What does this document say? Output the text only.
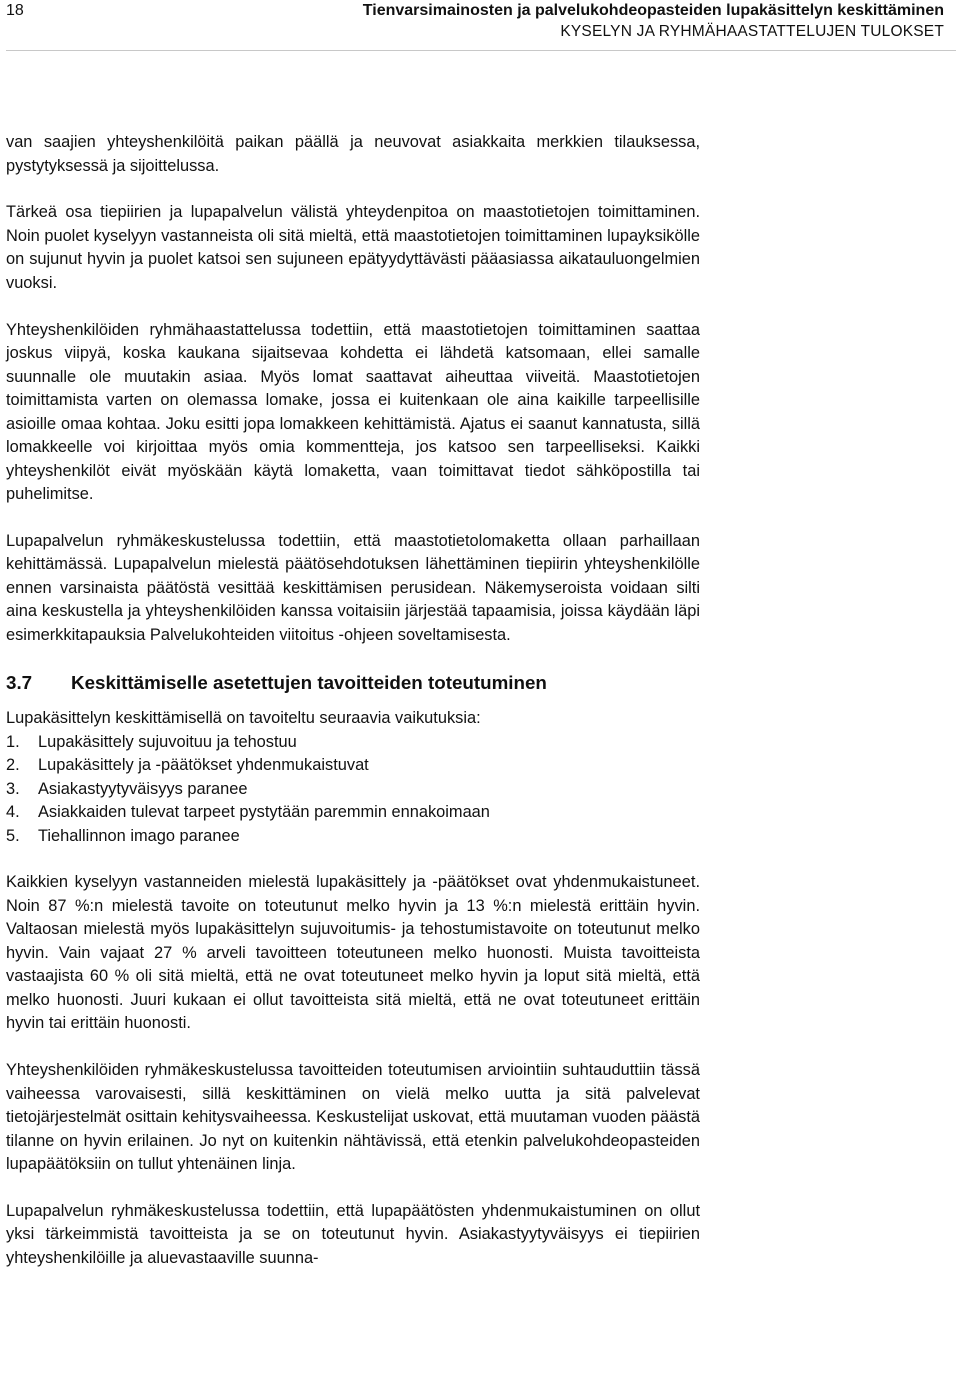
18	Tienvarsimainosten ja palvelukohdeopasteiden lupakäsittelyn keskittäminen
KYSELYN JA RYHMÄHAASTATTELUJEN TULOKSET

van saajien yhteyshenkilöitä paikan päällä ja neuvovat asiakkaita merkkien tilauksessa, pystytyksessä ja sijoittelussa.

Tärkeä osa tiepiirien ja lupapalvelun välistä yhteydenpitoa on maastotietojen toimittaminen. Noin puolet kyselyyn vastanneista oli sitä mieltä, että maastotietojen toimittaminen lupayksikölle on sujunut hyvin ja puolet katsoi sen sujuneen epätyydyttävästi pääasiassa aikatauluongelmien vuoksi.

Yhteyshenkilöiden ryhmähaastattelussa todettiin, että maastotietojen toimittaminen saattaa joskus viipyä, koska kaukana sijaitsevaa kohdetta ei lähdetä katsomaan, ellei samalle suunnalle ole muutakin asiaa. Myös lomat saattavat aiheuttaa viiveitä. Maastotietojen toimittamista varten on olemassa lomake, jossa ei kuitenkaan ole aina kaikille tarpeellisille asioille omaa kohtaa. Joku esitti jopa lomakkeen kehittämistä. Ajatus ei saanut kannatusta, sillä lomakkeelle voi kirjoittaa myös omia kommentteja, jos katsoo sen tarpeelliseksi. Kaikki yhteyshenkilöt eivät myöskään käytä lomaketta, vaan toimittavat tiedot sähköpostilla tai puhelimitse.

Lupapalvelun ryhmäkeskustelussa todettiin, että maastotietolomaketta ollaan parhaillaan kehittämässä. Lupapalvelun mielestä päätösehdotuksen lähettäminen tiepiirin yhteyshenkilölle ennen varsinaista päätöstä vesittää keskittämisen perusidean. Näkemyseroista voidaan silti aina keskustella ja yhteyshenkilöiden kanssa voitaisiin järjestää tapaamisia, joissa käydään läpi esimerkkitapauksia Palvelukohteiden viitoitus -ohjeen soveltamisesta.

3.7	Keskittämiselle asetettujen tavoitteiden toteutuminen

Lupakäsittelyn keskittämisellä on tavoiteltu seuraavia vaikutuksia:

1.	Lupakäsittely sujuvoituu ja tehostuu
2.	Lupakäsittely ja -päätökset yhdenmukaistuvat
3.	Asiakastyytyväisyys paranee
4.	Asiakkaiden tulevat tarpeet pystytään paremmin ennakoimaan
5.	Tiehallinnon imago paranee

Kaikkien kyselyyn vastanneiden mielestä lupakäsittely ja -päätökset ovat yhdenmukaistuneet. Noin 87 %:n mielestä tavoite on toteutunut melko hyvin ja 13 %:n mielestä erittäin hyvin. Valtaosan mielestä myös lupakäsittelyn sujuvoitumis- ja tehostumistavoite on toteutunut melko hyvin. Vain vajaat 27 % arveli tavoitteen toteutuneen melko huonosti. Muista tavoitteista vastaajista 60 % oli sitä mieltä, että ne ovat toteutuneet melko hyvin ja loput sitä mieltä, että melko huonosti. Juuri kukaan ei ollut tavoitteista sitä mieltä, että ne ovat toteutuneet erittäin hyvin tai erittäin huonosti.

Yhteyshenkilöiden ryhmäkeskustelussa tavoitteiden toteutumisen arviointiin suhtauduttiin tässä vaiheessa varovaisesti, sillä keskittäminen on vielä melko uutta ja sitä palvelevat tietojärjestelmät osittain kehitysvaiheessa. Keskustelijat uskovat, että muutaman vuoden päästä tilanne on hyvin erilainen. Jo nyt on kuitenkin nähtävissä, että etenkin palvelukohdeopasteiden lupapäätöksiin on tullut yhtenäinen linja.

Lupapalvelun ryhmäkeskustelussa todettiin, että lupapäätösten yhdenmukaistuminen on ollut yksi tärkeimmistä tavoitteista ja se on toteutunut hyvin. Asiakastyytyväisyys ei tiepiirien yhteyshenkilöille ja aluevastaaville suunna-
